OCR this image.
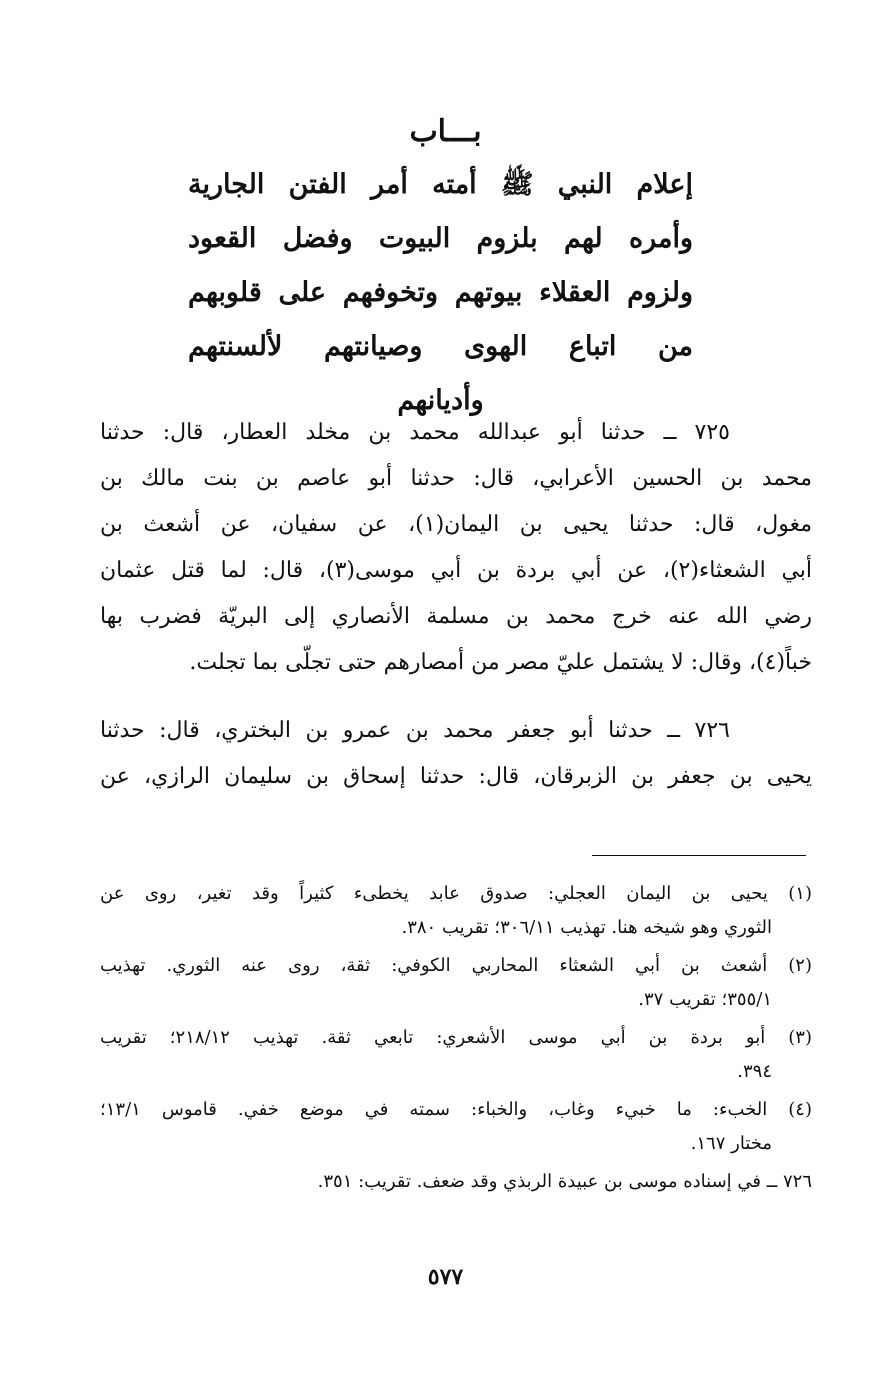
بـــاب
إعلام النبي ﷺ أمته أمر الفتن الجارية
وأمره لهم بلزوم البيوت وفضل القعود
ولزوم العقلاء بيوتهم وتخوفهم على قلوبهم
من اتباع الهوى وصيانتهم لألسنتهم
وأديانهم
٧٢٥ ــ حدثنا أبو عبدالله محمد بن مخلد العطار، قال: حدثنا
محمد بن الحسين الأعرابي، قال: حدثنا أبو عاصم بن بنت مالك بن
مغول، قال: حدثنا يحيى بن اليمان(١)، عن سفيان، عن أشعث بن
أبي الشعثاء(٢)، عن أبي بردة بن أبي موسى(٣)، قال: لما قتل عثمان
رضي الله عنه خرج محمد بن مسلمة الأنصاري إلى البريّة فضرب بها
خباً(٤)، وقال: لا يشتمل عليّ مصر من أمصارهم حتى تجلّى بما تجلت.
٧٢٦ ــ حدثنا أبو جعفر محمد بن عمرو بن البختري، قال: حدثنا
يحيى بن جعفر بن الزبرقان، قال: حدثنا إسحاق بن سليمان الرازي، عن
(١) يحيى بن اليمان العجلي: صدوق عابد يخطىء كثيراً وقد تغير، روى عن
الثوري وهو شيخه هنا. تهذيب ٣٠٦/١١؛ تقريب ٣٨٠.
(٢) أشعث بن أبي الشعثاء المحاربي الكوفي: ثقة، روى عنه الثوري. تهذيب
٣٥٥/١؛ تقريب ٣٧.
(٣) أبو بردة بن أبي موسى الأشعري: تابعي ثقة. تهذيب ٢١٨/١٢؛ تقريب
٣٩٤.
(٤) الخبء: ما خبيء وغاب، والخباء: سمته في موضع خفي. قاموس ١٣/١؛
مختار ١٦٧.
٧٢٦ ــ في إسناده موسى بن عبيدة الربذي وقد ضعف. تقريب: ٣٥١.
٥٧٧
